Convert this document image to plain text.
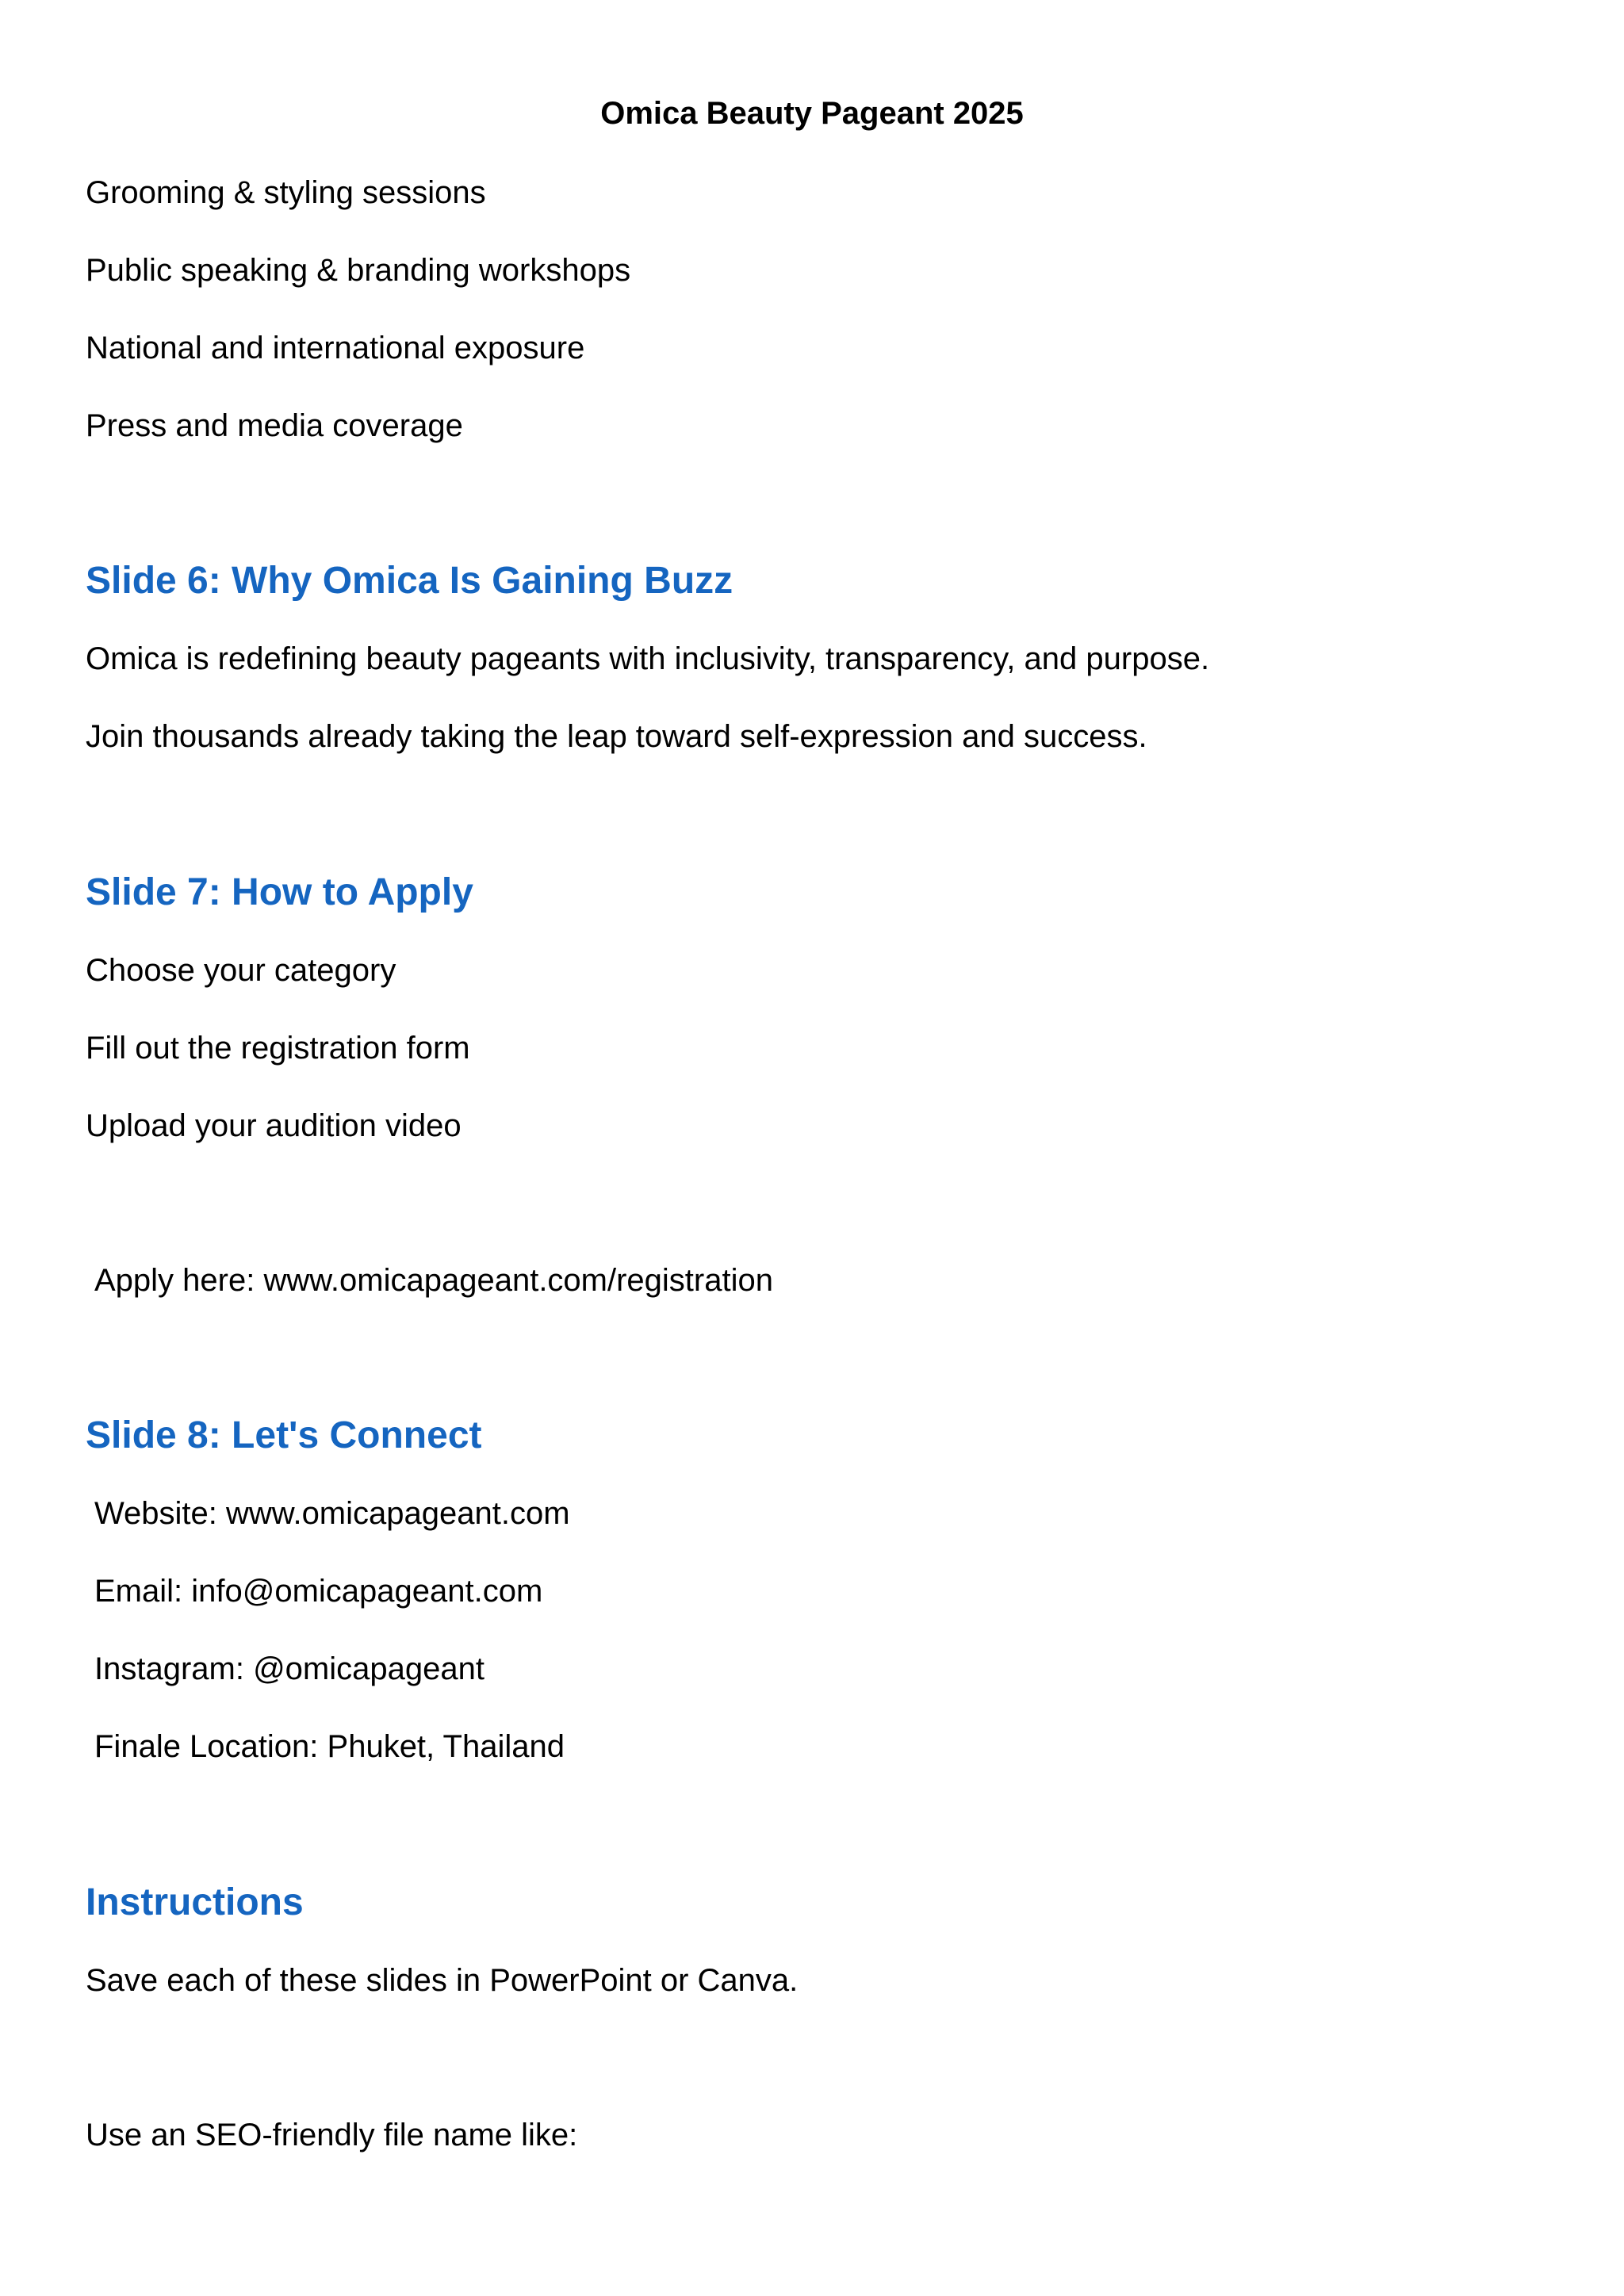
Omica Beauty Pageant 2025
Grooming & styling sessions
Public speaking & branding workshops
National and international exposure
Press and media coverage
Slide 6: Why Omica Is Gaining Buzz
Omica is redefining beauty pageants with inclusivity, transparency, and purpose.
Join thousands already taking the leap toward self-expression and success.
Slide 7: How to Apply
Choose your category
Fill out the registration form
Upload your audition video
Apply here: www.omicapageant.com/registration
Slide 8: Let's Connect
Website: www.omicapageant.com
Email: info@omicapageant.com
Instagram: @omicapageant
Finale Location: Phuket, Thailand
Instructions
Save each of these slides in PowerPoint or Canva.
Use an SEO-friendly file name like:
